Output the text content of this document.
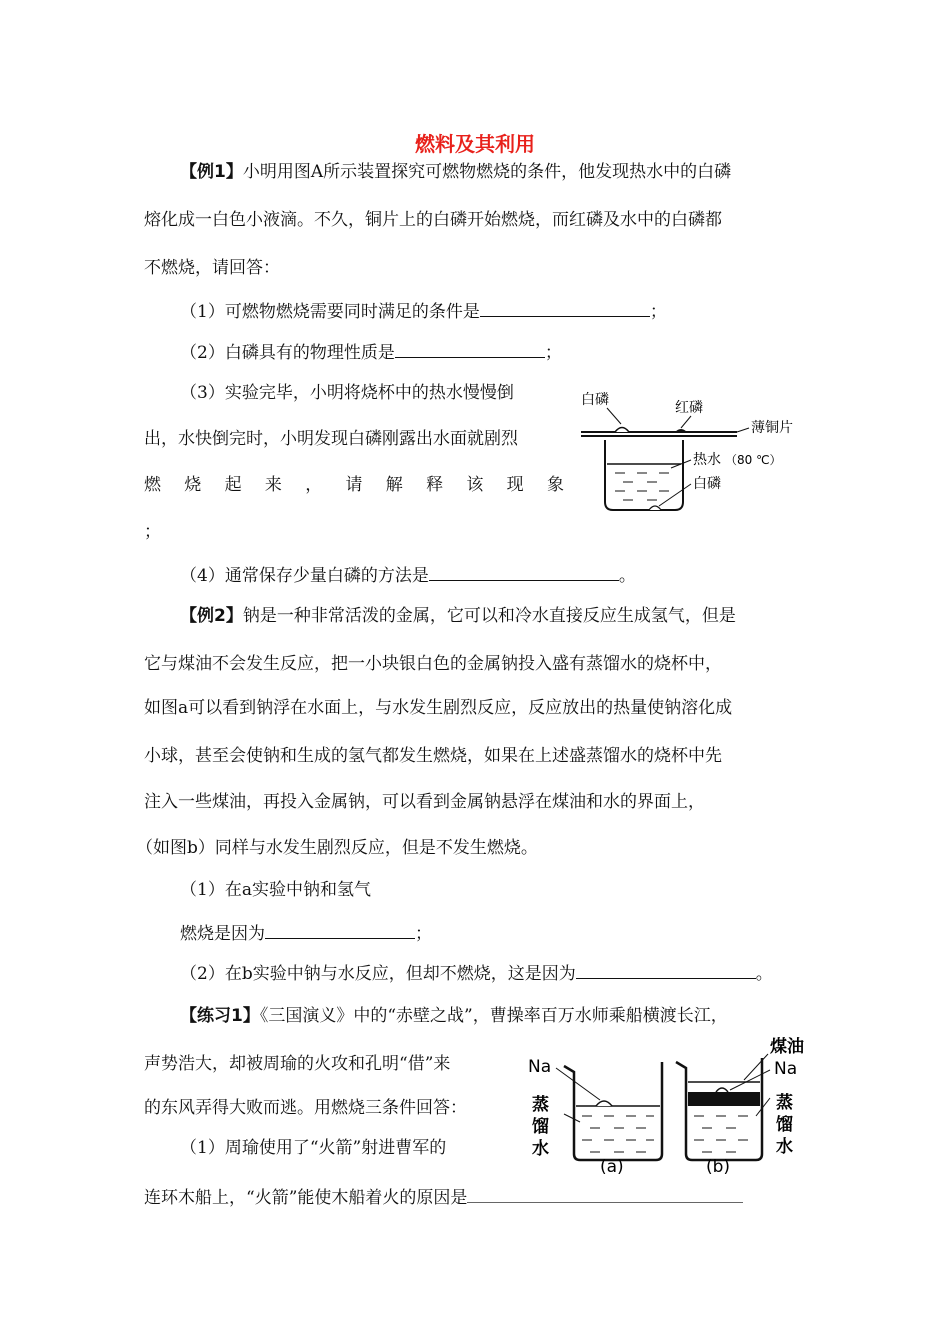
燃料及其利用
【例1】小明用图A所示装置探究可燃物燃烧的条件，他发现热水中的白磷
熔化成一白色小液滴。不久，铜片上的白磷开始燃烧，而红磷及水中的白磷都
不燃烧，请回答：
（1）可燃物燃烧需要同时满足的条件是	；
（2）白磷具有的物理性质是	；
（3）实验完毕，小明将烧杯中的热水慢慢倒
出，水快倒完时，小明发现白磷刚露出水面就剧烈
燃 烧 起 来 ， 请 解 释 该 现 象
；
（4）通常保存少量白磷的方法是	。
白磷	红磷
薄铜片
热水 （80 ℃）
白磷
【例2】钠是一种非常活泼的金属，它可以和冷水直接反应生成氢气，但是
它与煤油不会发生反应，把一小块银白色的金属钠投入盛有蒸馏水的烧杯中，
如图a可以看到钠浮在水面上，与水发生剧烈反应，反应放出的热量使钠溶化成
小球，甚至会使钠和生成的氢气都发生燃烧，如果在上述盛蒸馏水的烧杯中先
注入一些煤油，再投入金属钠，可以看到金属钠悬浮在煤油和水的界面上，
（如图b）同样与水发生剧烈反应，但是不发生燃烧。
（1）在a实验中钠和氢气
燃烧是因为	；
（2）在b实验中钠与水反应，但却不燃烧，这是因为	。
【练习1】《三国演义》中的“赤壁之战”，曹操率百万水师乘船横渡长江，
声势浩大，却被周瑜的火攻和孔明“借”来
的东风弄得大败而逃。用燃烧三条件回答：
（1）周瑜使用了“火箭”射进曹军的
连环木船上，“火箭”能使木船着火的原因是
Na
蒸
馏
水
(a)
煤油
Na
蒸
馏
水
(b)
